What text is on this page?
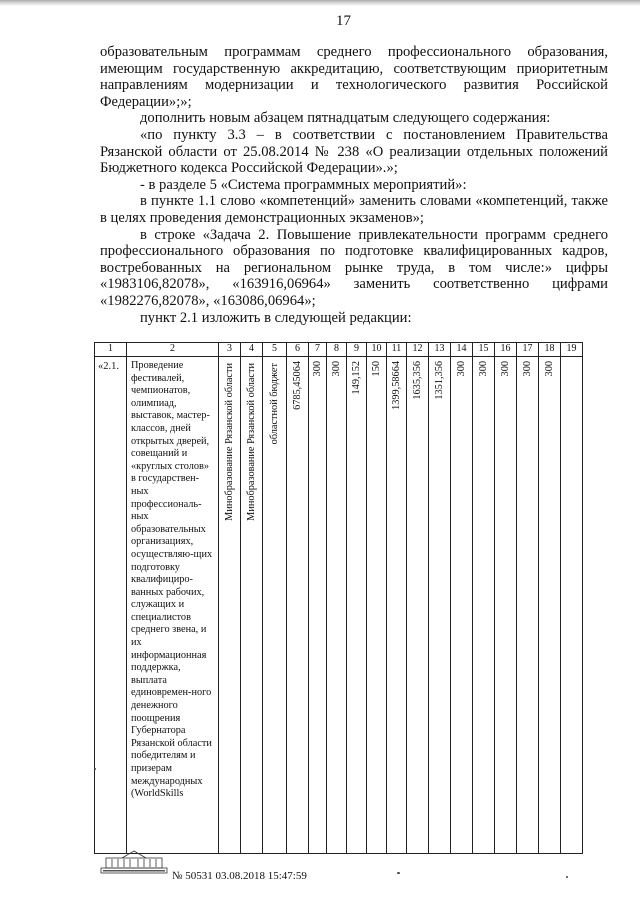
17

образовательным программам среднего профессионального образования, имеющим государственную аккредитацию, соответствующим приоритетным направлениям модернизации и технологического развития Российской Федерации»;»;

дополнить новым абзацем пятнадцатым следующего содержания:

«по пункту 3.3 – в соответствии с постановлением Правительства Рязанской области от 25.08.2014 № 238 «О реализации отдельных положений Бюджетного кодекса Российской Федерации».»;

- в разделе 5 «Система программных мероприятий»:

в пункте 1.1 слово «компетенций» заменить словами «компетенций, также в целях проведения демонстрационных экзаменов»;

в строке «Задача 2. Повышение привлекательности программ среднего профессионального образования по подготовке квалифицированных кадров, востребованных на региональном рынке труда, в том числе:» цифры «1983106,82078», «163916,06964» заменить соответственно цифрами «1982276,82078», «163086,06964»;

пункт 2.1 изложить в следующей редакции:

1	2	3	4	5	6	7	8	9	10	11	12	13	14	15	16	17	18	19
«2.1.	Проведение фестивалей, чемпионатов, олимпиад, выставок, мастер-классов, дней открытых дверей, совещаний и «круглых столов» в государствен-ных профессиональ-ных образовательных организациях, осуществляю-щих подготовку квалифициро-ванных рабочих, служащих и специалистов среднего звена, и их информационная поддержка, выплата единовремен-ного денежного поощрения Губернатора Рязанской области победителям и призерам международных (WorldSkills	Минобразование Рязанской области	Минобразование Рязанской области	областной бюджет	6785,45064	300	300	149,152	150	1399,58664	1635,356	1351,356	300	300	300	300	300	

№ 50531 03.08.2018 15:47:59
